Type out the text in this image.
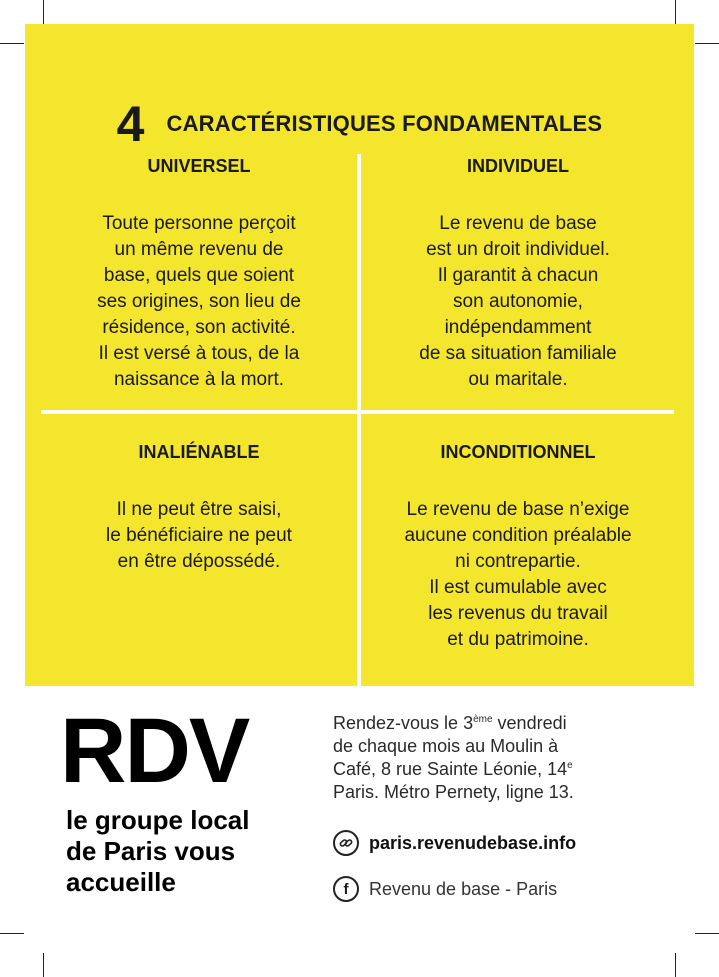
4 CARACTÉRISTIQUES FONDAMENTALES
UNIVERSEL
Toute personne perçoit
un même revenu de
base, quels que soient
ses origines, son lieu de
résidence, son activité.
Il est versé à tous, de la
naissance à la mort.
INDIVIDUEL
Le revenu de base
est un droit individuel.
Il garantit à chacun
son autonomie,
indépendamment
de sa situation familiale
ou maritale.
INALIÉNABLE
Il ne peut être saisi,
le bénéficiaire ne peut
en être dépossédé.
INCONDITIONNEL
Le revenu de base n’exige
aucune condition préalable
ni contrepartie.
Il est cumulable avec
les revenus du travail
et du patrimoine.
RDV
le groupe local
de Paris vous
accueille
Rendez-vous le 3ème vendredi
de chaque mois au Moulin à
Café, 8 rue Sainte Léonie, 14e
Paris. Métro Pernety, ligne 13.
paris.revenudebase.info
f	Revenu de base - Paris
